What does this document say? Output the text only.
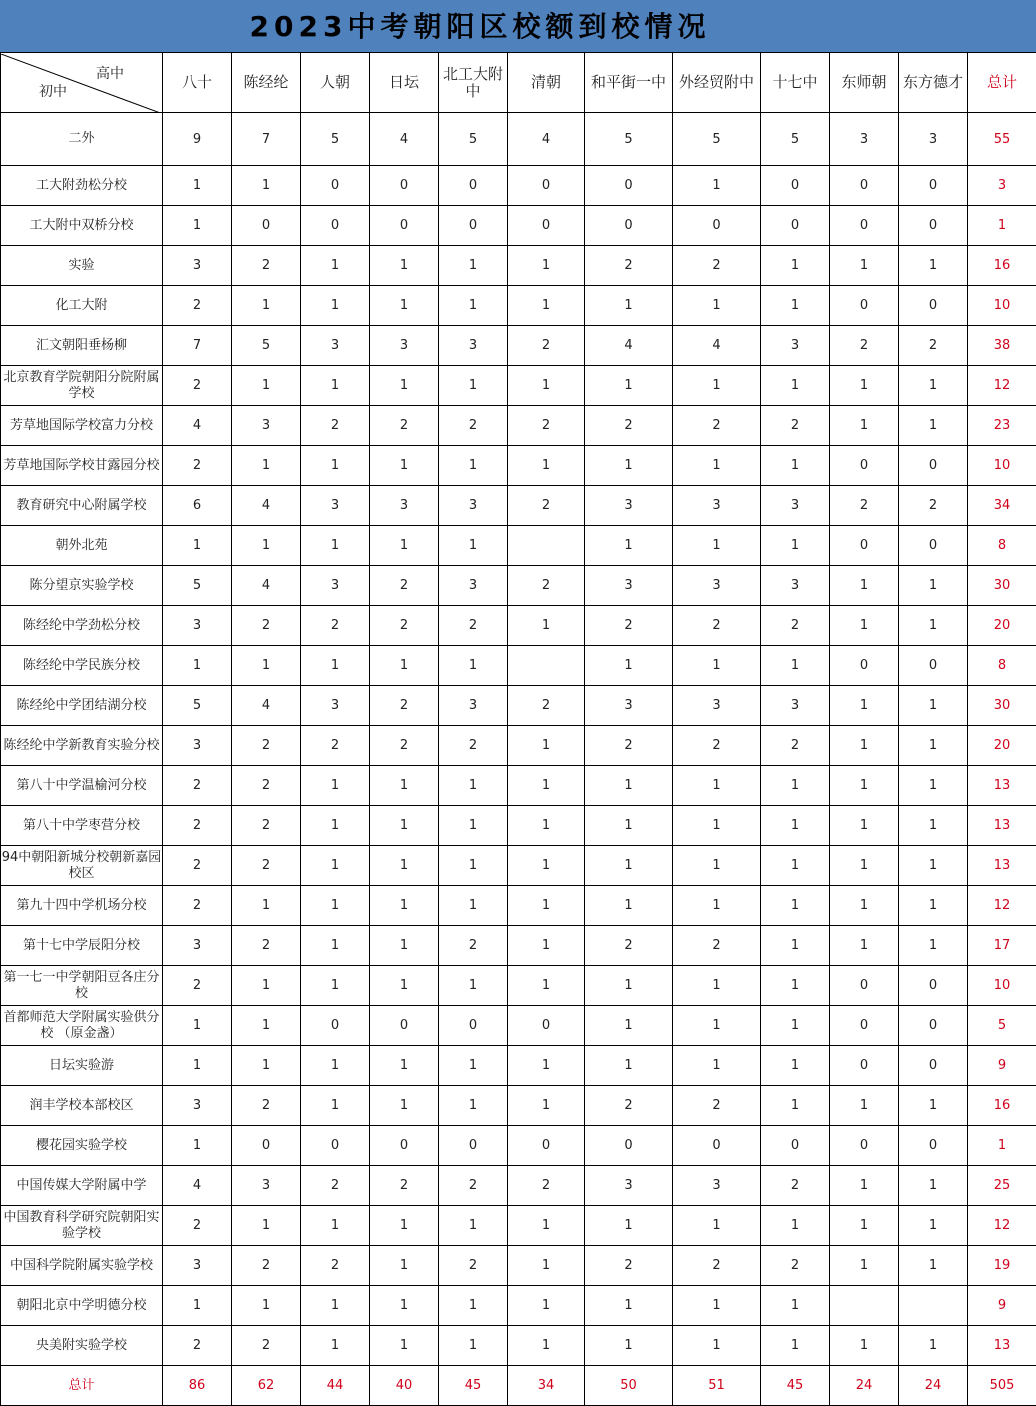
2023中考朝阳区校额到校情况
高中
初中	八十	陈经纶	人朝	日坛	北工大附中	清朝	和平街一中	外经贸附中	十七中	东师朝	东方德才	总计
二外	9	7	5	4	5	4	5	5	5	3	3	55
工大附劲松分校	1	1	0	0	0	0	0	1	0	0	0	3
工大附中双桥分校	1	0	0	0	0	0	0	0	0	0	0	1
实验	3	2	1	1	1	1	2	2	1	1	1	16
化工大附	2	1	1	1	1	1	1	1	1	0	0	10
汇文朝阳垂杨柳	7	5	3	3	3	2	4	4	3	2	2	38
北京教育学院朝阳分院附属学校	2	1	1	1	1	1	1	1	1	1	1	12
芳草地国际学校富力分校	4	3	2	2	2	2	2	2	2	1	1	23
芳草地国际学校甘露园分校	2	1	1	1	1	1	1	1	1	0	0	10
教育研究中心附属学校	6	4	3	3	3	2	3	3	3	2	2	34
朝外北苑	1	1	1	1	1		1	1	1	0	0	8
陈分望京实验学校	5	4	3	2	3	2	3	3	3	1	1	30
陈经纶中学劲松分校	3	2	2	2	2	1	2	2	2	1	1	20
陈经纶中学民族分校	1	1	1	1	1		1	1	1	0	0	8
陈经纶中学团结湖分校	5	4	3	2	3	2	3	3	3	1	1	30
陈经纶中学新教育实验分校	3	2	2	2	2	1	2	2	2	1	1	20
第八十中学温榆河分校	2	2	1	1	1	1	1	1	1	1	1	13
第八十中学枣营分校	2	2	1	1	1	1	1	1	1	1	1	13
94中朝阳新城分校朝新嘉园校区	2	2	1	1	1	1	1	1	1	1	1	13
第九十四中学机场分校	2	1	1	1	1	1	1	1	1	1	1	12
第十七中学辰阳分校	3	2	1	1	2	1	2	2	1	1	1	17
第一七一中学朝阳豆各庄分校	2	1	1	1	1	1	1	1	1	0	0	10
首都师范大学附属实验供分校 （原金盏）	1	1	0	0	0	0	1	1	1	0	0	5
日坛实验游	1	1	1	1	1	1	1	1	1	0	0	9
润丰学校本部校区	3	2	1	1	1	1	2	2	1	1	1	16
樱花园实验学校	1	0	0	0	0	0	0	0	0	0	0	1
中国传媒大学附属中学	4	3	2	2	2	2	3	3	2	1	1	25
中国教育科学研究院朝阳实验学校	2	1	1	1	1	1	1	1	1	1	1	12
中国科学院附属实验学校	3	2	2	1	2	1	2	2	2	1	1	19
朝阳北京中学明德分校	1	1	1	1	1	1	1	1	1			9
央美附实验学校	2	2	1	1	1	1	1	1	1	1	1	13
总计	86	62	44	40	45	34	50	51	45	24	24	505
